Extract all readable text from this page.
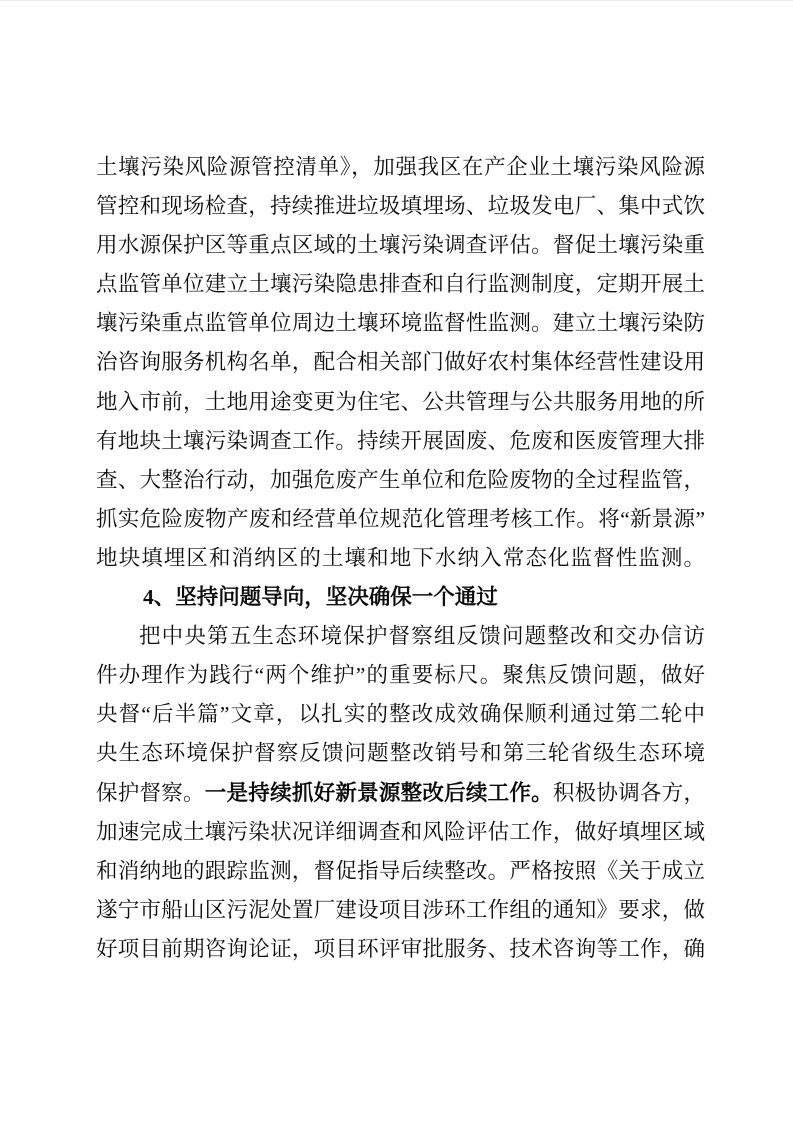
土壤污染风险源管控清单》，加强我区在产企业土壤污染风险源
管控和现场检查，持续推进垃圾填埋场、垃圾发电厂、集中式饮
用水源保护区等重点区域的土壤污染调查评估。督促土壤污染重
点监管单位建立土壤污染隐患排查和自行监测制度，定期开展土
壤污染重点监管单位周边土壤环境监督性监测。建立土壤污染防
治咨询服务机构名单，配合相关部门做好农村集体经营性建设用
地入市前，土地用途变更为住宅、公共管理与公共服务用地的所
有地块土壤污染调查工作。持续开展固废、危废和医废管理大排
查、大整治行动，加强危废产生单位和危险废物的全过程监管，
抓实危险废物产废和经营单位规范化管理考核工作。将“新景源”
地块填埋区和消纳区的土壤和地下水纳入常态化监督性监测。
4、坚持问题导向，坚决确保一个通过
把中央第五生态环境保护督察组反馈问题整改和交办信访
件办理作为践行“两个维护”的重要标尺。聚焦反馈问题，做好
央督“后半篇”文章，以扎实的整改成效确保顺利通过第二轮中
央生态环境保护督察反馈问题整改销号和第三轮省级生态环境
保护督察。一是持续抓好新景源整改后续工作。积极协调各方，
加速完成土壤污染状况详细调查和风险评估工作，做好填埋区域
和消纳地的跟踪监测，督促指导后续整改。严格按照《关于成立
遂宁市船山区污泥处置厂建设项目涉环工作组的通知》要求，做
好项目前期咨询论证，项目环评审批服务、技术咨询等工作，确
